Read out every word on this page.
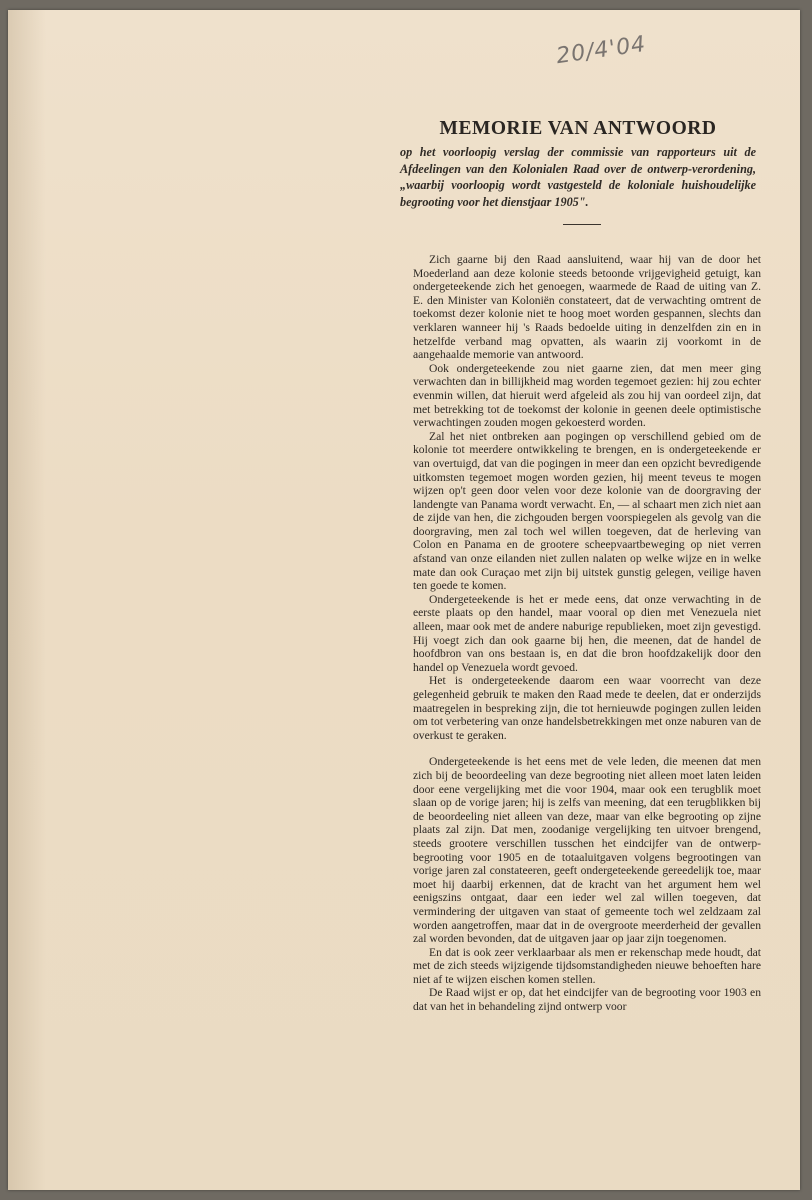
20/4'04
MEMORIE VAN ANTWOORD
op het voorloopig verslag der commissie van rapporteurs uit de Afdeelingen van den Kolonialen Raad over de ontwerp-verordening, „waarbij voorloopig wordt vastgesteld de koloniale huishoudelijke begrooting voor het dienstjaar 1905".

Zich gaarne bij den Raad aansluitend, waar hij van de door het Moederland aan deze kolonie steeds betoonde vrijgevigheid getuigt, kan ondergeteekende zich het genoegen, waarmede de Raad de uiting van Z. E. den Minister van Koloniën constateert, dat de verwachting omtrent de toekomst dezer kolonie niet te hoog moet worden gespannen, slechts dan verklaren wanneer hij 's Raads bedoelde uiting in denzelfden zin en in hetzelfde verband mag opvatten, als waarin zij voorkomt in de aangehaalde memorie van antwoord.

Ook ondergeteekende zou niet gaarne zien, dat men meer ging verwachten dan in billijkheid mag worden tegemoet gezien: hij zou echter evenmin willen, dat hieruit werd afgeleid als zou hij van oordeel zijn, dat met betrekking tot de toekomst der kolonie in geenen deele optimistische verwachtingen zouden mogen gekoesterd worden.

Zal het niet ontbreken aan pogingen op verschillend gebied om de kolonie tot meerdere ontwikkeling te brengen, en is ondergeteekende er van overtuigd, dat van die pogingen in meer dan een opzicht bevredigende uitkomsten tegemoet mogen worden gezien, hij meent teveus te mogen wijzen op't geen door velen voor deze kolonie van de doorgraving der landengte van Panama wordt verwacht. En, — al schaart men zich niet aan de zijde van hen, die zichgouden bergen voorspiegelen als gevolg van die doorgraving, men zal toch wel willen toegeven, dat de herleving van Colon en Panama en de grootere scheepvaartbeweging op niet verren afstand van onze eilanden niet zullen nalaten op welke wijze en in welke mate dan ook Curaçao met zijn bij uitstek gunstig gelegen, veilige haven ten goede te komen.

Ondergeteekende is het er mede eens, dat onze verwachting in de eerste plaats op den handel, maar vooral op dien met Venezuela niet alleen, maar ook met de andere naburige republieken, moet zijn gevestigd. Hij voegt zich dan ook gaarne bij hen, die meenen, dat de handel de hoofdbron van ons bestaan is, en dat die bron hoofdzakelijk door den handel op Venezuela wordt gevoed.

Het is ondergeteekende daarom een waar voorrecht van deze gelegenheid gebruik te maken den Raad mede te deelen, dat er onderzijds maatregelen in bespreking zijn, die tot hernieuwde pogingen zullen leiden om tot verbetering van onze handelsbetrekkingen met onze naburen van de overkust te geraken.

Ondergeteekende is het eens met de vele leden, die meenen dat men zich bij de beoordeeling van deze begrooting niet alleen moet laten leiden door eene vergelijking met die voor 1904, maar ook een terugblik moet slaan op de vorige jaren; hij is zelfs van meening, dat een terugblikken bij de beoordeeling niet alleen van deze, maar van elke begrooting op zijne plaats zal zijn. Dat men, zoodanige vergelijking ten uitvoer brengend, steeds grootere verschillen tusschen het eindcijfer van de ontwerp-begrooting voor 1905 en de totaaluitgaven volgens begrootingen van vorige jaren zal constateeren, geeft ondergeteekende gereedelijk toe, maar moet hij daarbij erkennen, dat de kracht van het argument hem wel eenigszins ontgaat, daar een ieder wel zal willen toegeven, dat vermindering der uitgaven van staat of gemeente toch wel zeldzaam zal worden aangetroffen, maar dat in de overgroote meerderheid der gevallen zal worden bevonden, dat de uitgaven jaar op jaar zijn toegenomen.

En dat is ook zeer verklaarbaar als men er rekenschap mede houdt, dat met de zich steeds wijzigende tijdsomstandigheden nieuwe behoeften hare niet af te wijzen eischen komen stellen.

De Raad wijst er op, dat het eindcijfer van de begrooting voor 1903 en dat van het in behandeling zijnd ontwerp voor
